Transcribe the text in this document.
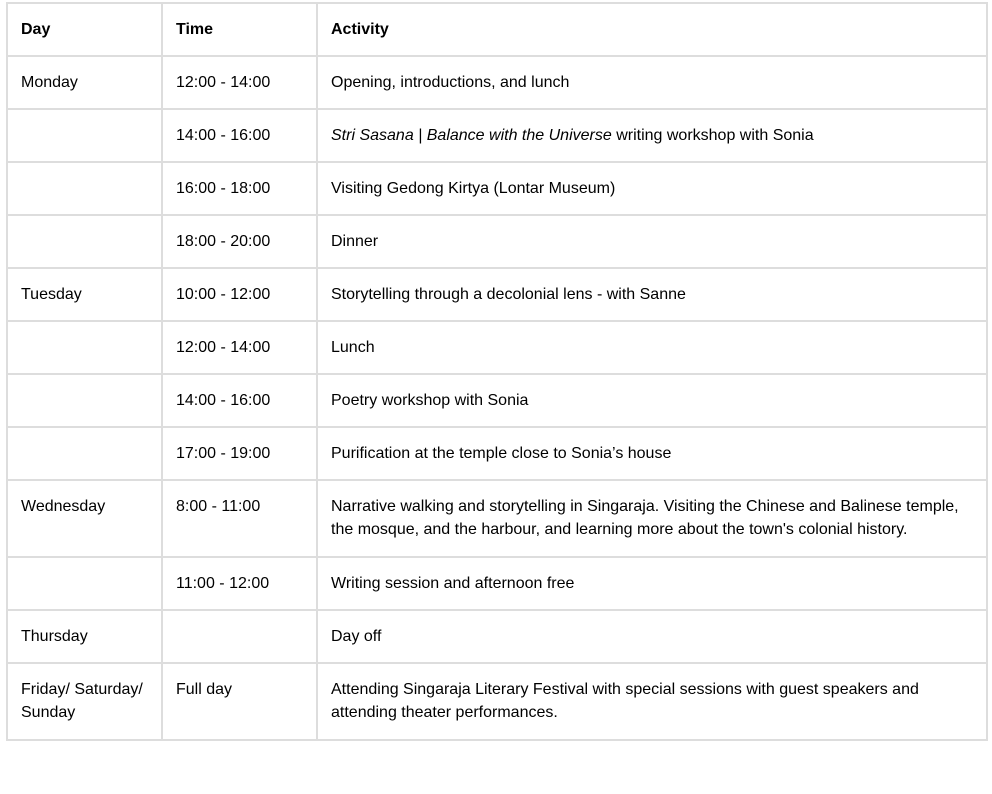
Day	Time	Activity
Monday	12:00 - 14:00	Opening, introductions, and lunch
	14:00 - 16:00	Stri Sasana | Balance with the Universe writing workshop with Sonia
	16:00 - 18:00	Visiting Gedong Kirtya (Lontar Museum)
	18:00 - 20:00	Dinner
Tuesday	10:00 - 12:00	Storytelling through a decolonial lens - with Sanne
	12:00 - 14:00	Lunch
	14:00 - 16:00	Poetry workshop with Sonia
	17:00 - 19:00	Purification at the temple close to Sonia’s house
Wednesday	8:00 - 11:00	Narrative walking and storytelling in Singaraja. Visiting the Chinese and Balinese temple, the mosque, and the harbour, and learning more about the town's colonial history.
	11:00 - 12:00	Writing session and afternoon free
Thursday		Day off
Friday/ Saturday/ Sunday	Full day	Attending Singaraja Literary Festival with special sessions with guest speakers and attending theater performances.
